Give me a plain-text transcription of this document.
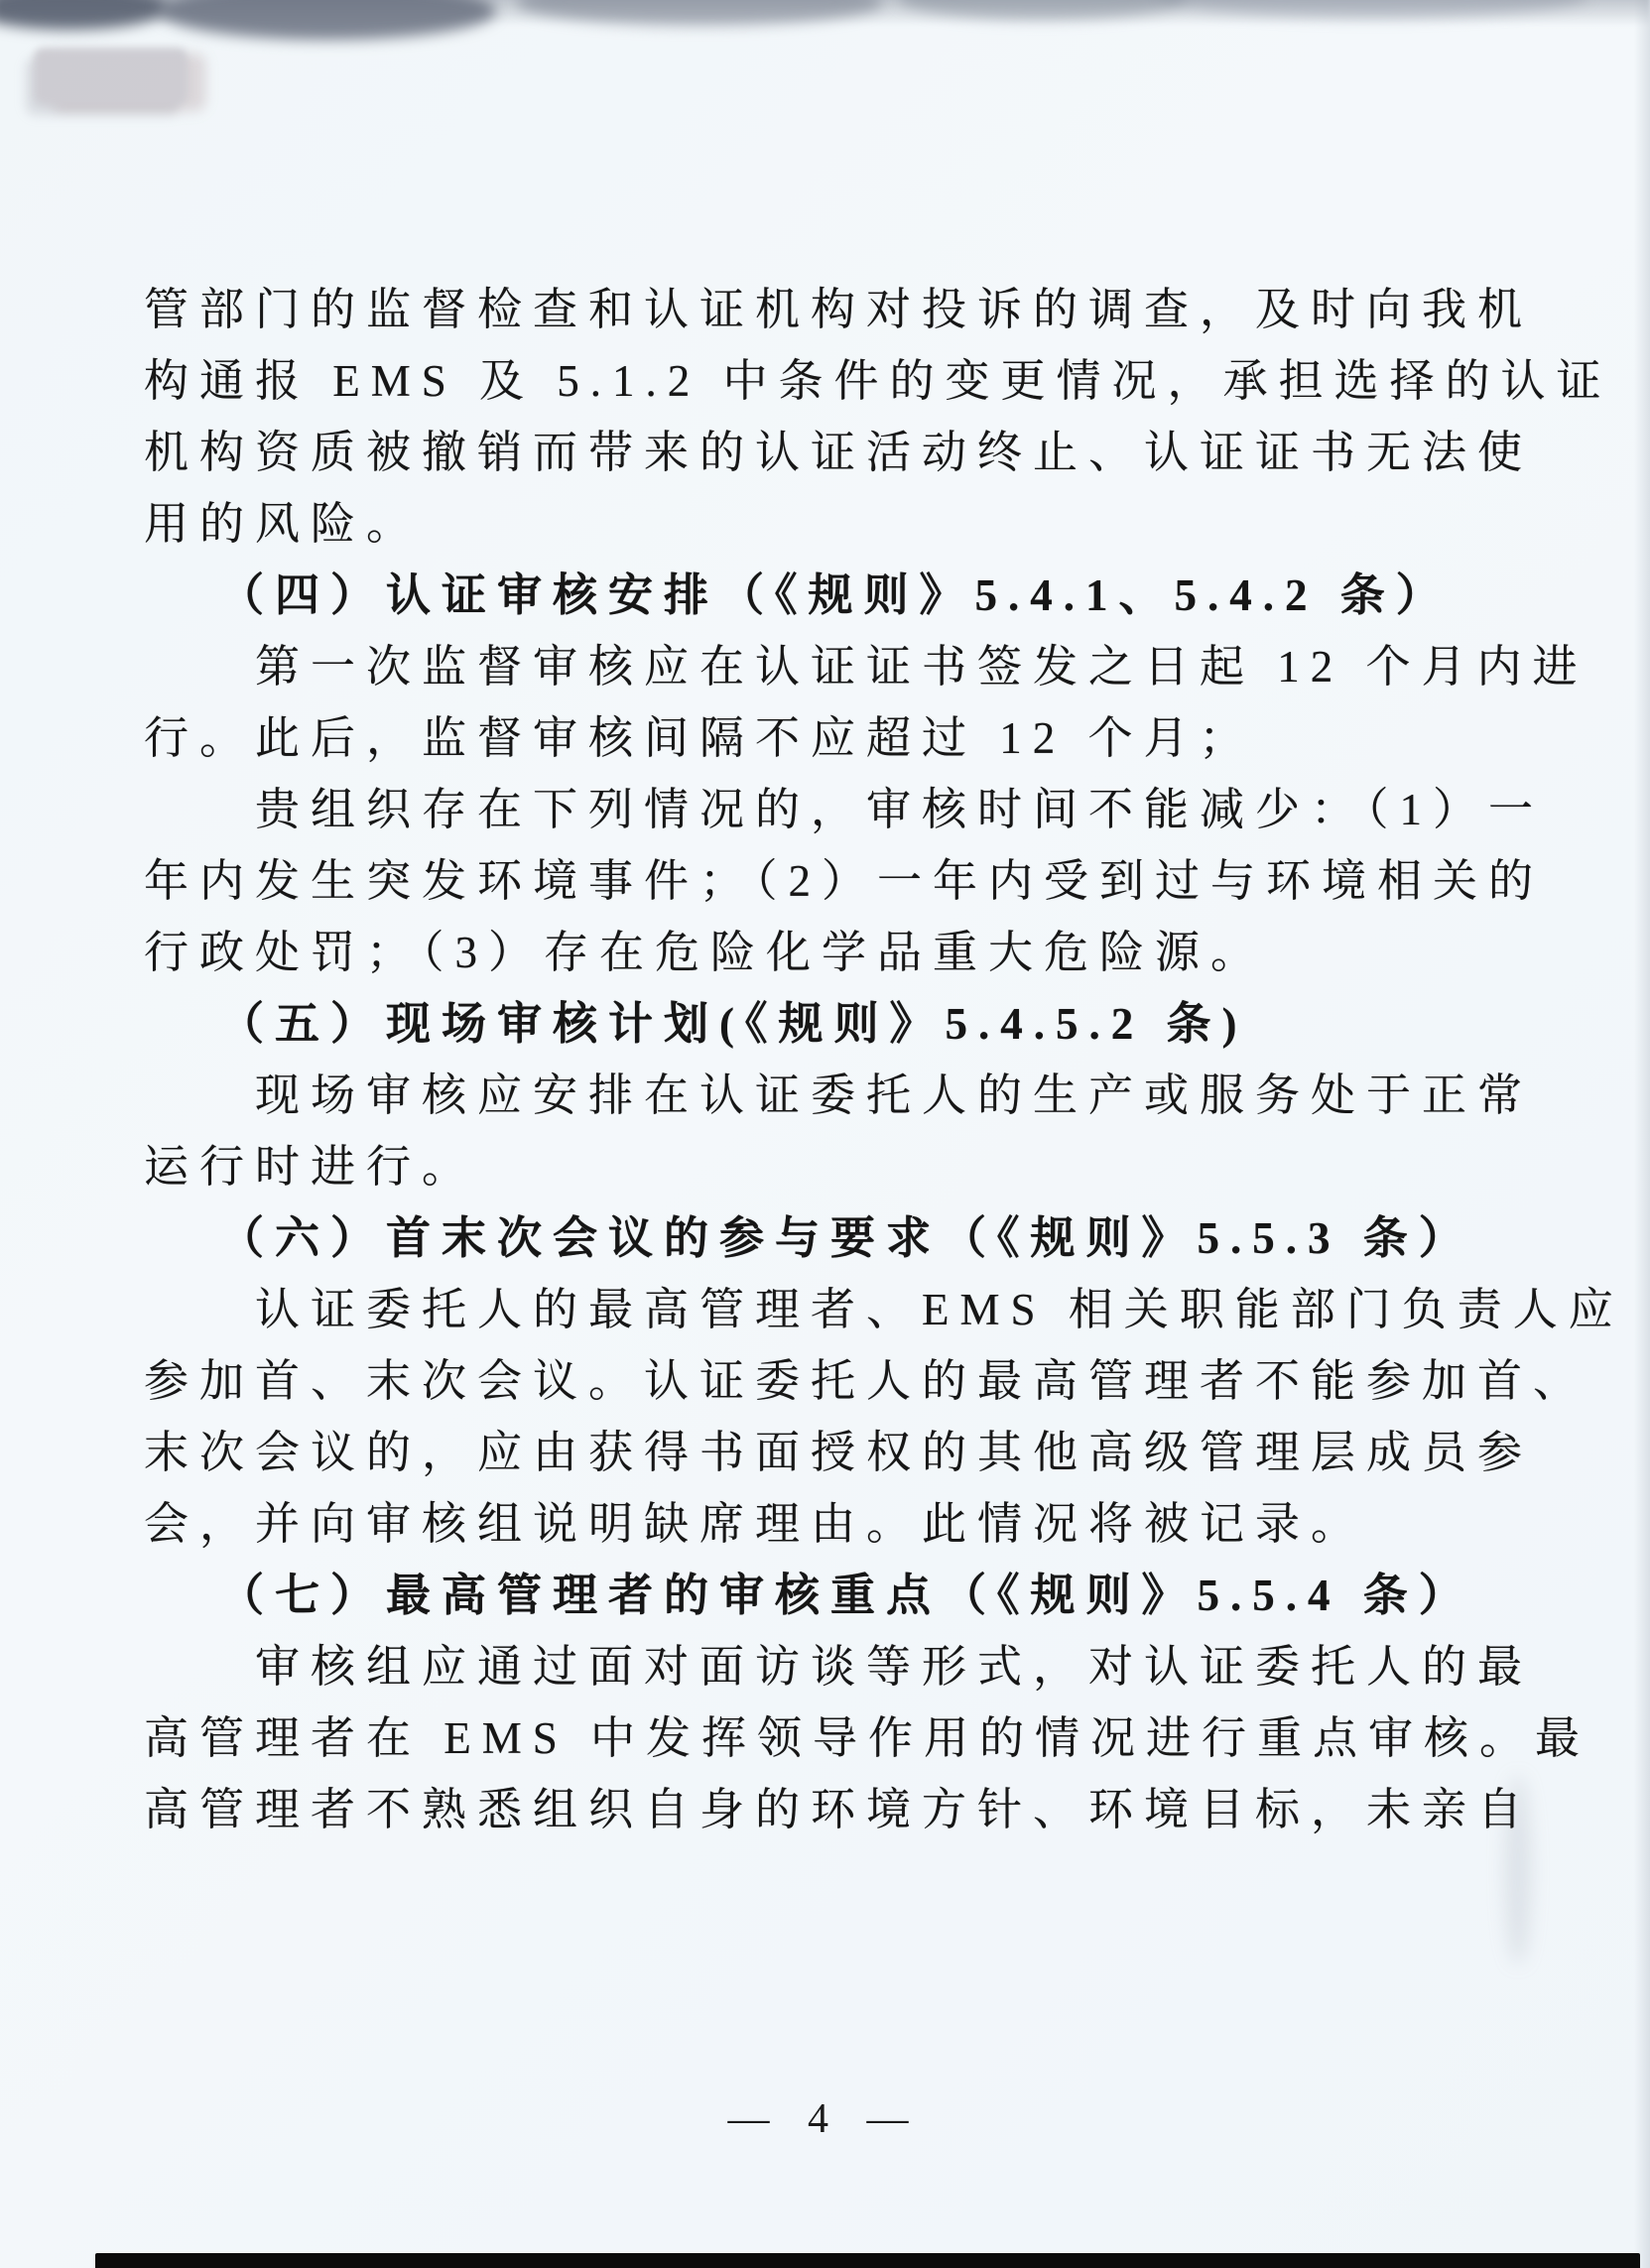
管部门的监督检查和认证机构对投诉的调查，及时向我机
构通报 EMS 及 5.1.2 中条件的变更情况，承担选择的认证
机构资质被撤销而带来的认证活动终止、认证证书无法使
用的风险。
（四）认证审核安排（《规则》5.4.1、5.4.2 条）
第一次监督审核应在认证证书签发之日起 12 个月内进
行。此后，监督审核间隔不应超过 12 个月；
贵组织存在下列情况的，审核时间不能减少：（1）一
年内发生突发环境事件；（2）一年内受到过与环境相关的
行政处罚；（3）存在危险化学品重大危险源。
（五）现场审核计划(《规则》5.4.5.2 条)
现场审核应安排在认证委托人的生产或服务处于正常
运行时进行。
（六）首末次会议的参与要求（《规则》5.5.3 条）
认证委托人的最高管理者、EMS 相关职能部门负责人应
参加首、末次会议。认证委托人的最高管理者不能参加首、
末次会议的，应由获得书面授权的其他高级管理层成员参
会，并向审核组说明缺席理由。此情况将被记录。
（七）最高管理者的审核重点（《规则》5.5.4 条）
审核组应通过面对面访谈等形式，对认证委托人的最
高管理者在 EMS 中发挥领导作用的情况进行重点审核。最
高管理者不熟悉组织自身的环境方针、环境目标，未亲自
— 4 —
